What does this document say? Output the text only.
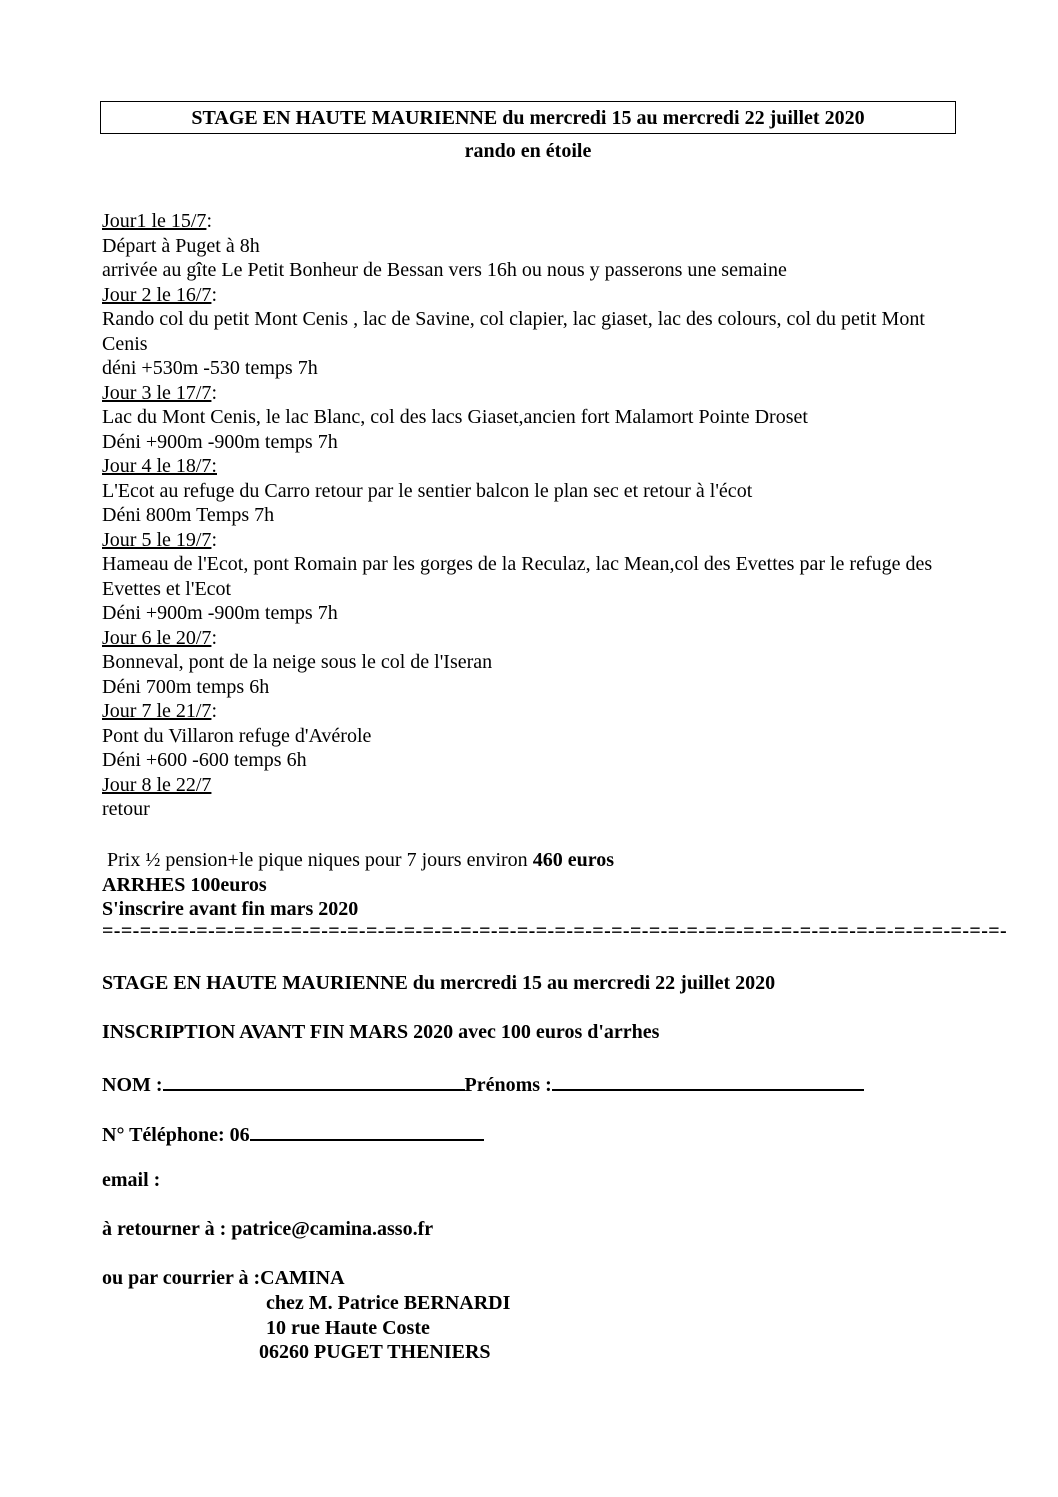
STAGE EN HAUTE MAURIENNE du mercredi 15 au mercredi 22 juillet 2020
rando en étoile
Jour1 le 15/7:
Départ à Puget à 8h
arrivée au gîte Le Petit Bonheur de Bessan vers 16h ou nous y passerons une semaine
Jour 2 le 16/7:
Rando col du petit Mont Cenis , lac de Savine, col clapier, lac giaset, lac des colours, col du petit Mont Cenis
déni +530m -530 temps 7h
Jour 3 le 17/7:
Lac du Mont Cenis, le lac Blanc, col des lacs Giaset,ancien fort Malamort Pointe Droset
Déni +900m -900m temps 7h
Jour 4 le 18/7:
L'Ecot au refuge du Carro retour par le sentier balcon le plan sec et retour à l'écot
Déni 800m Temps 7h
Jour 5 le 19/7:
Hameau de l'Ecot, pont Romain par les gorges de la Reculaz, lac Mean,col des Evettes par le refuge des Evettes et l'Ecot
Déni +900m -900m temps 7h
Jour 6 le 20/7:
Bonneval, pont de la neige sous le col de l'Iseran
Déni 700m temps 6h
Jour 7 le 21/7:
Pont du Villaron refuge d'Avérole
Déni +600 -600 temps 6h
Jour 8 le 22/7
retour
Prix ½ pension+le pique niques pour 7 jours environ 460 euros
ARRHES 100euros
S'inscrire avant fin mars 2020
=-=-=-=-=-=-=-=-=-=-=-=-=-=-=-=-=-=-=-=-=-=-=-=-=-=-=-=-=-=-=-=-=-=-=-=-=-=-=-=-=-=-=-=-=-=-=-=-
STAGE EN HAUTE MAURIENNE du mercredi 15 au mercredi 22 juillet 2020
INSCRIPTION AVANT FIN MARS 2020 avec 100 euros d'arrhes
NOM :	Prénoms :
N° Téléphone: 06
email :
à retourner à : patrice@camina.asso.fr
ou par courrier à :CAMINA
chez M. Patrice BERNARDI
10 rue Haute Coste
06260 PUGET THENIERS
